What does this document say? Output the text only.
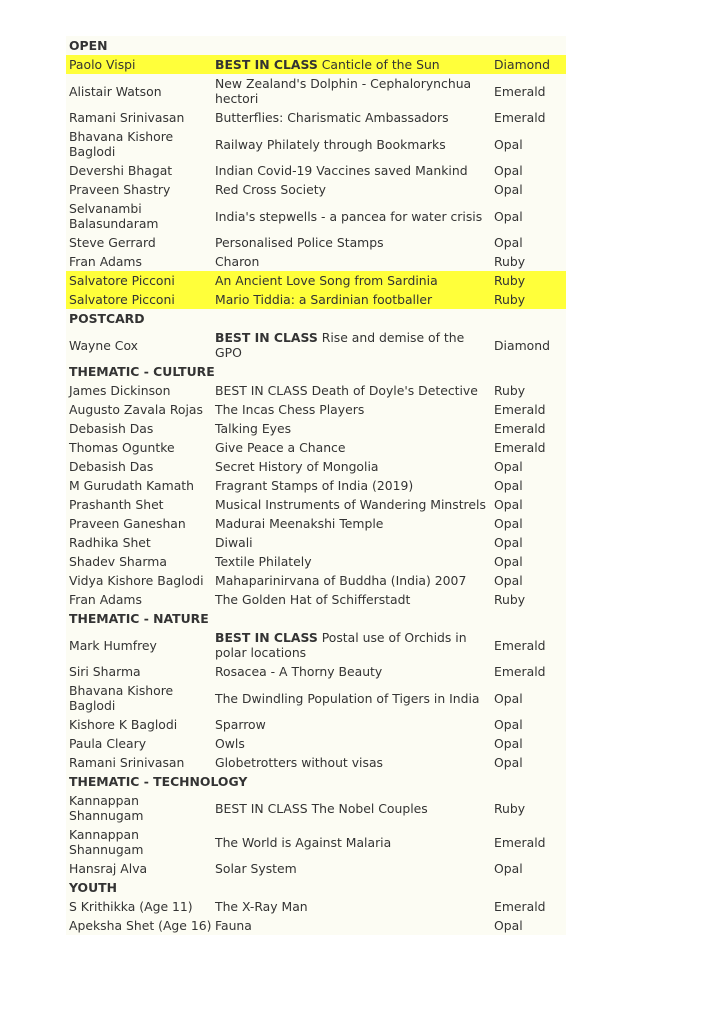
OPEN		
Paolo Vispi	BEST IN CLASS Canticle of the Sun	Diamond
Alistair Watson	New Zealand's Dolphin - Cephalorynchua hectori	Emerald
Ramani Srinivasan	Butterflies: Charismatic Ambassadors	Emerald
Bhavana Kishore Baglodi	Railway Philately through Bookmarks	Opal
Devershi Bhagat	Indian Covid-19 Vaccines saved Mankind	Opal
Praveen Shastry	Red Cross Society	Opal
Selvanambi Balasundaram	India's stepwells - a pancea for water crisis	Opal
Steve Gerrard	Personalised Police Stamps	Opal
Fran Adams	Charon	Ruby
Salvatore Picconi	An Ancient Love Song from Sardinia	Ruby
Salvatore Picconi	Mario Tiddia: a Sardinian footballer	Ruby
POSTCARD		
Wayne Cox	BEST IN CLASS Rise and demise of the GPO	Diamond
THEMATIC - CULTURE		
James Dickinson	BEST IN CLASS Death of Doyle's Detective	Ruby
Augusto Zavala Rojas	The Incas Chess Players	Emerald
Debasish Das	Talking Eyes	Emerald
Thomas Oguntke	Give Peace a Chance	Emerald
Debasish Das	Secret History of Mongolia	Opal
M Gurudath Kamath	Fragrant Stamps of India (2019)	Opal
Prashanth Shet	Musical Instruments of Wandering Minstrels	Opal
Praveen Ganeshan	Madurai Meenakshi Temple	Opal
Radhika Shet	Diwali	Opal
Shadev Sharma	Textile Philately	Opal
Vidya Kishore Baglodi	Mahaparinirvana of Buddha (India) 2007	Opal
Fran Adams	The Golden Hat of Schifferstadt	Ruby
THEMATIC - NATURE		
Mark Humfrey	BEST IN CLASS Postal use of Orchids in polar locations	Emerald
Siri Sharma	Rosacea - A Thorny Beauty	Emerald
Bhavana Kishore Baglodi	The Dwindling Population of Tigers in India	Opal
Kishore K Baglodi	Sparrow	Opal
Paula Cleary	Owls	Opal
Ramani Srinivasan	Globetrotters without visas	Opal
THEMATIC - TECHNOLOGY		
Kannappan Shannugam	BEST IN CLASS The Nobel Couples	Ruby
Kannappan Shannugam	The World is Against Malaria	Emerald
Hansraj Alva	Solar System	Opal
YOUTH		
S Krithikka (Age 11)	The X-Ray Man	Emerald
Apeksha Shet (Age 16)	Fauna	Opal
